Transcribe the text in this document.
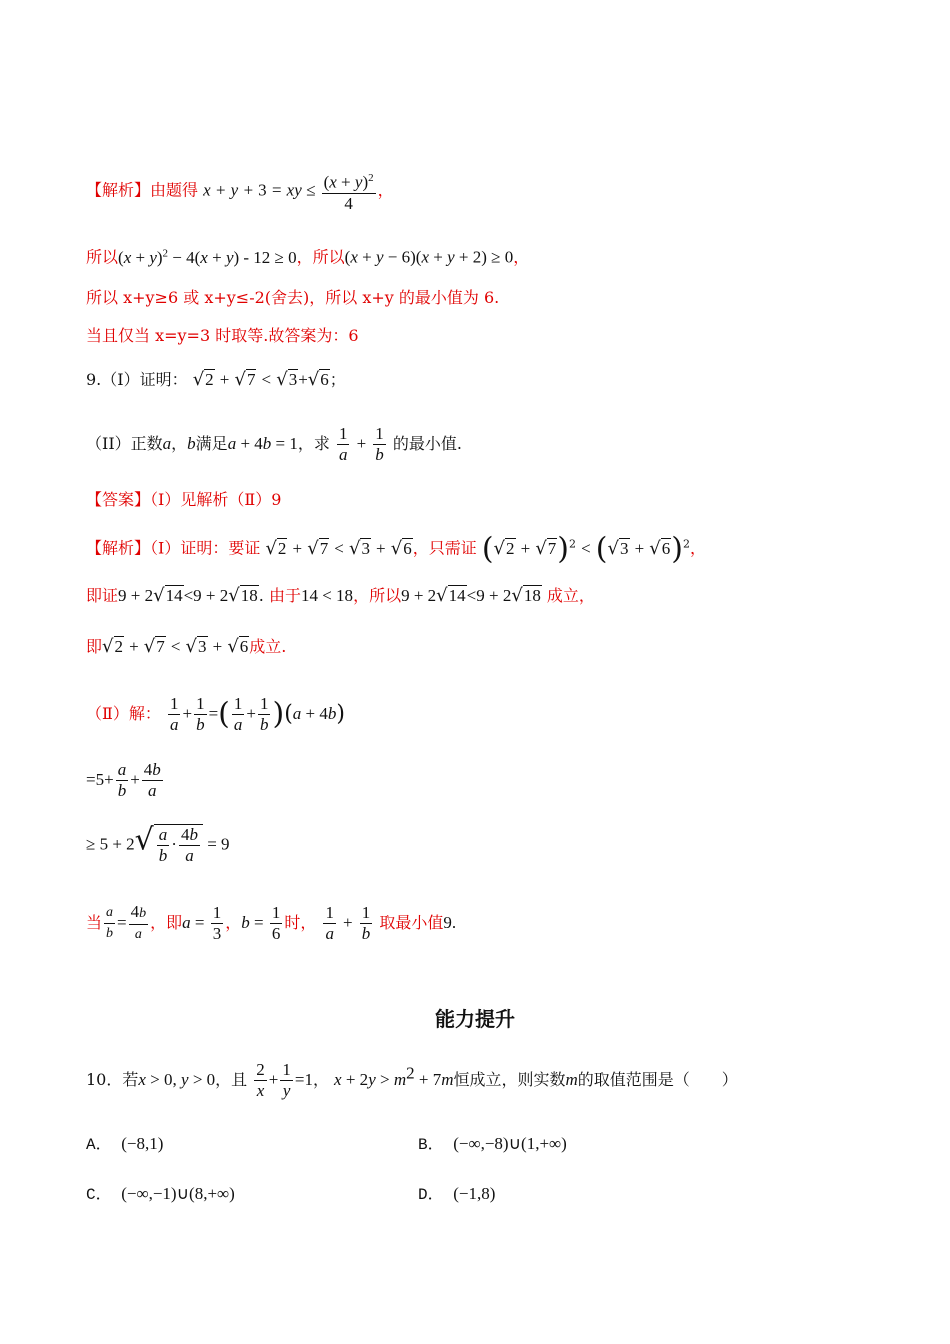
【解析】由题得 x + y + 3 = xy ≤ $\frac{(x + y)^2}{4}$ ，
所以$(x + y)^2 - 4(x + y) - 12 \ge 0$，所以(x + y − 6)(x + y + 2) ≥ 0，
所以 x+y≥6 或 x+y≤-2(舍去)，所以 x+y 的最小值为 6.
当且仅当 x=y=3 时取等.故答案为：6
9.（I）证明： √2 + √7 < √3+√6；
（II）正数a，b满足a + 4b = 1，求 $\frac{1}{a} + \frac{1}{b}$ 的最小值.
【答案】（Ⅰ）见解析（Ⅱ）9
【解析】（Ⅰ）证明：要证 √2 + √7 < √3 + √6，只需证 $(√2 + √7)^2 < (√3 + √6)^2$，
即证9 + 2√14<9 + 2√18. 由于14 < 18，所以9 + 2√14<9 + 2√18 成立，
即√2 + √7 < √3 + √6成立.
（Ⅱ）解： $\frac{1}{a} + \frac{1}{b}$ =( $\frac{1}{a} + \frac{1}{b} )(a + 4b)$
$=5+ \frac{a}{b} + \frac{4b}{a}$
≥ $5 + 2√ \frac{a}{b} \cdot \frac{4b}{a} = 9$
当 $\frac{a}{b} = \frac{4b}{a}$ ，即$a = \frac{1}{3}$ ，$b = \frac{1}{6}$ 时， $\frac{1}{a} + \frac{1}{b}$ 取最小值9.
能力提升
10．若x > 0, y > 0，且 $\frac{2}{x} + \frac{1}{y} =1$， $x + 2y > m^2 + 7m$恒成立，则实数m的取值范围是（　　）
A． (−8,1)	B． (−∞,−8)∪(1,+∞)
C． (−∞,−1)∪(8,+∞)	D． (−1,8)
